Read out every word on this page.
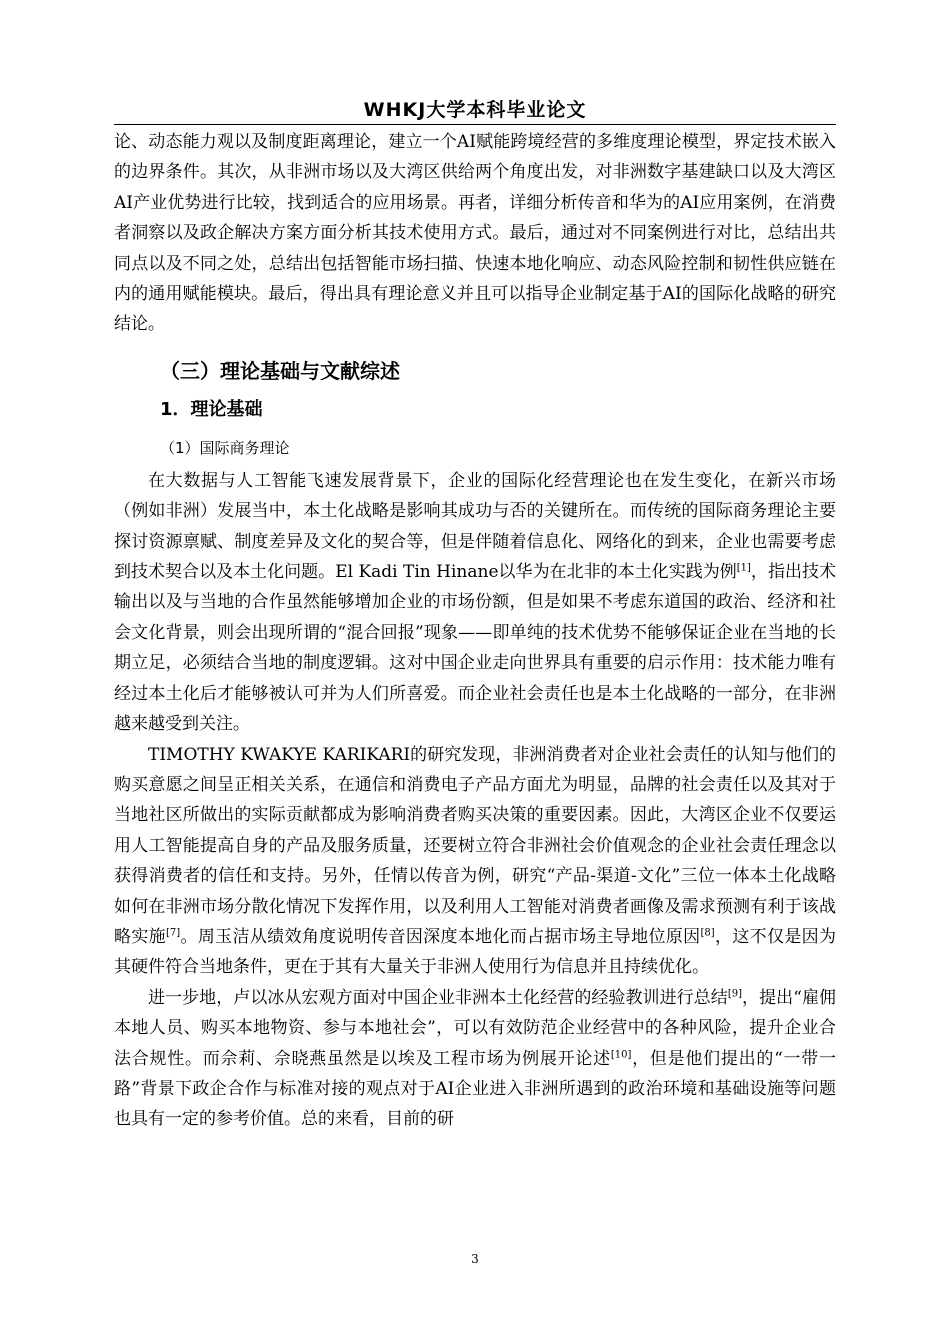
WHKJ大学本科毕业论文

论、动态能力观以及制度距离理论，建立一个AI赋能跨境经营的多维度理论模型，界定技术嵌入的边界条件。其次，从非洲市场以及大湾区供给两个角度出发，对非洲数字基建缺口以及大湾区AI产业优势进行比较，找到适合的应用场景。再者，详细分析传音和华为的AI应用案例，在消费者洞察以及政企解决方案方面分析其技术使用方式。最后，通过对不同案例进行对比，总结出共同点以及不同之处，总结出包括智能市场扫描、快速本地化响应、动态风险控制和韧性供应链在内的通用赋能模块。最后，得出具有理论意义并且可以指导企业制定基于AI的国际化战略的研究结论。

（三）理论基础与文献综述
1．理论基础
（1）国际商务理论

在大数据与人工智能飞速发展背景下，企业的国际化经营理论也在发生变化，在新兴市场（例如非洲）发展当中，本土化战略是影响其成功与否的关键所在。而传统的国际商务理论主要探讨资源禀赋、制度差异及文化的契合等，但是伴随着信息化、网络化的到来，企业也需要考虑到技术契合以及本土化问题。El Kadi Tin Hinane以华为在北非的本土化实践为例[1]，指出技术输出以及与当地的合作虽然能够增加企业的市场份额，但是如果不考虑东道国的政治、经济和社会文化背景，则会出现所谓的“混合回报”现象——即单纯的技术优势不能够保证企业在当地的长期立足，必须结合当地的制度逻辑。这对中国企业走向世界具有重要的启示作用：技术能力唯有经过本土化后才能够被认可并为人们所喜爱。而企业社会责任也是本土化战略的一部分，在非洲越来越受到关注。

TIMOTHY KWAKYE KARIKARI的研究发现，非洲消费者对企业社会责任的认知与他们的购买意愿之间呈正相关关系，在通信和消费电子产品方面尤为明显，品牌的社会责任以及其对于当地社区所做出的实际贡献都成为影响消费者购买决策的重要因素。因此，大湾区企业不仅要运用人工智能提高自身的产品及服务质量，还要树立符合非洲社会价值观念的企业社会责任理念以获得消费者的信任和支持。另外，任情以传音为例，研究“产品-渠道-文化”三位一体本土化战略如何在非洲市场分散化情况下发挥作用，以及利用人工智能对消费者画像及需求预测有利于该战略实施[7]。周玉洁从绩效角度说明传音因深度本地化而占据市场主导地位原因[8]，这不仅是因为其硬件符合当地条件，更在于其有大量关于非洲人使用行为信息并且持续优化。

进一步地，卢以冰从宏观方面对中国企业非洲本土化经营的经验教训进行总结[9]，提出“雇佣本地人员、购买本地物资、参与本地社会”，可以有效防范企业经营中的各种风险，提升企业合法合规性。而佘莉、佘晓燕虽然是以埃及工程市场为例展开论述[10]，但是他们提出的“一带一路”背景下政企合作与标准对接的观点对于AI企业进入非洲所遇到的政治环境和基础设施等问题也具有一定的参考价值。总的来看，目前的研

3
